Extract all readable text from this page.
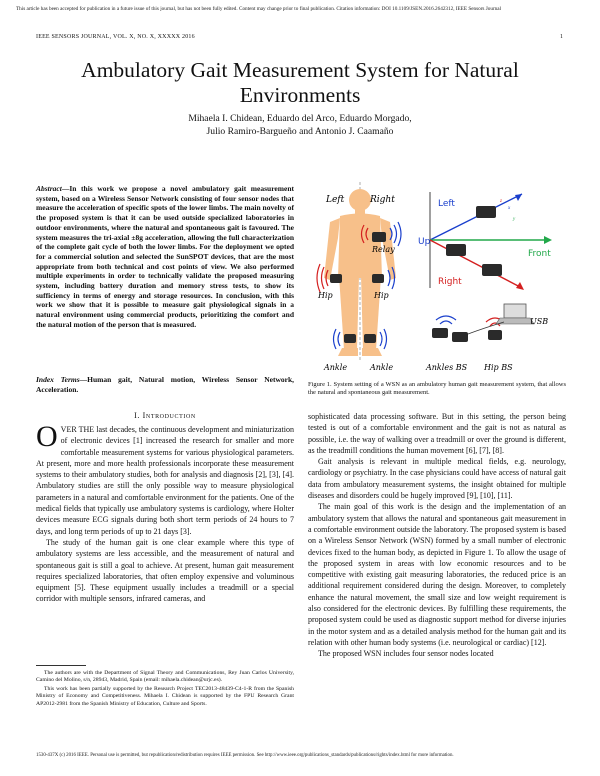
This article has been accepted for publication in a future issue of this journal, but has not been fully edited. Content may change prior to final publication. Citation information: DOI 10.1109/JSEN.2016.2642312, IEEE Sensors Journal
IEEE SENSORS JOURNAL, VOL. X, NO. X, XXXXX 2016	1
Ambulatory Gait Measurement System for Natural Environments
Mihaela I. Chidean, Eduardo del Arco, Eduardo Morgado,
Julio Ramiro-Bargueño and Antonio J. Caamaño
Abstract—In this work we propose a novel ambulatory gait measurement system, based on a Wireless Sensor Network consisting of four sensor nodes that measure the acceleration of specific spots of the lower limbs. The main novelty of the proposed system is that it can be used outside specialized laboratories in outdoor environments, where the natural and spontaneous gait is favoured. The system measures the tri-axial ±8g acceleration, allowing the full characterization of the complete gait cycle of both the lower limbs. For the deployment we opted for a commercial solution and selected the SunSPOT devices, that are the most appropriate from both technical and cost points of view. We also performed multiple experiments in order to technically validate the proposed measuring system, including battery duration and memory stress tests, to show its sufficiency in terms of energy and storage resources. In conclusion, with this work we show that it is possible to measure gait physiological signals in a natural environment using commercial products, prioritizing the comfort and the natural motion of the person that is measured.
Index Terms—Human gait, Natural motion, Wireless Sensor Network, Acceleration.
I. Introduction

OVER THE last decades, the continuous development and miniaturization of electronic devices [1] increased the research for smaller and more comfortable measurement systems for various physiological parameters. At present, more and more health professionals incorporate these measurement systems to their ambulatory studies, both for analysis and diagnosis [2], [3], [4]. Ambulatory studies are still the only possible way to measure physiological parameters in a natural and comfortable environment for the patients. One of the medical fields that typically use ambulatory systems is cardiology, where Holter devices measure ECG signals during both short term periods of 24 hours to 7 days, and long term periods of up to 21 days [3].

The study of the human gait is one clear example where this type of ambulatory systems are less accessible, and the measurement of natural and spontaneous gait is still a goal to achieve. At present, human gait measurement requires specialized laboratories, that often employ expensive and voluminous equipment [5]. These equipment usually includes a treadmill or a special corridor with multiple sensors, infrared cameras, and

The authors are with the Department of Signal Theory and Communications, Rey Juan Carlos University, Camino del Molino, s/n, 28943, Madrid, Spain (email: mihaela.chidean@urjc.es).

This work has been partially supported by the Research Project TEC2013-48439-C4-1-R from the Spanish Ministry of Economy and Competitiveness. Mihaela I. Chidean is supported by the FPU Research Grant AP2012-2981 from the Spanish Ministry of Education, Culture and Sports.

Left	Right
Relay
Hip	Hip
Ankle	Ankle
Left
Up
Front
Right
x
y
z
USB
Ankles BS Hip BS
Figure 1. System setting of a WSN as an ambulatory human gait measurement system, that allows the natural and spontaneous gait measurement.

sophisticated data processing software. But in this setting, the person being tested is out of a comfortable environment and the gait is not as natural as possible, i.e. the way of walking over a treadmill or over the ground is different, as the treadmill conditions the human movement [6], [7], [8].

Gait analysis is relevant in multiple medical fields, e.g. neurology, cardiology or psychiatry. In the case physicians could have access of natural gait data from ambulatory measurement systems, the insight obtained for multiple diseases and disorders could be hugely improved [9], [10], [11].

The main goal of this work is the design and the implementation of an ambulatory system that allows the natural and spontaneous gait measurement in a comfortable environment outside the laboratory. The proposed system is based on a Wireless Sensor Network (WSN) formed by a small number of electronic devices fixed to the human body, as depicted in Figure 1. To allow the usage of the proposed system in areas with low economic resources and to be competitive with existing gait measuring laboratories, the reduced price is an additional requirement considered during the design. Moreover, to completely enhance the natural movement, the small size and low weight requirement is also considered for the electronic devices. By fulfilling these requirements, the proposed system could be used as diagnostic support method for diverse injuries in the motor system and as a detailed analysis method for the human gait and its relation with other human body systems (i.e. neurological or cardiac) [12].

The proposed WSN includes four sensor nodes located

1530-437X (c) 2016 IEEE. Personal use is permitted, but republication/redistribution requires IEEE permission. See http://www.ieee.org/publications_standards/publications/rights/index.html for more information.
